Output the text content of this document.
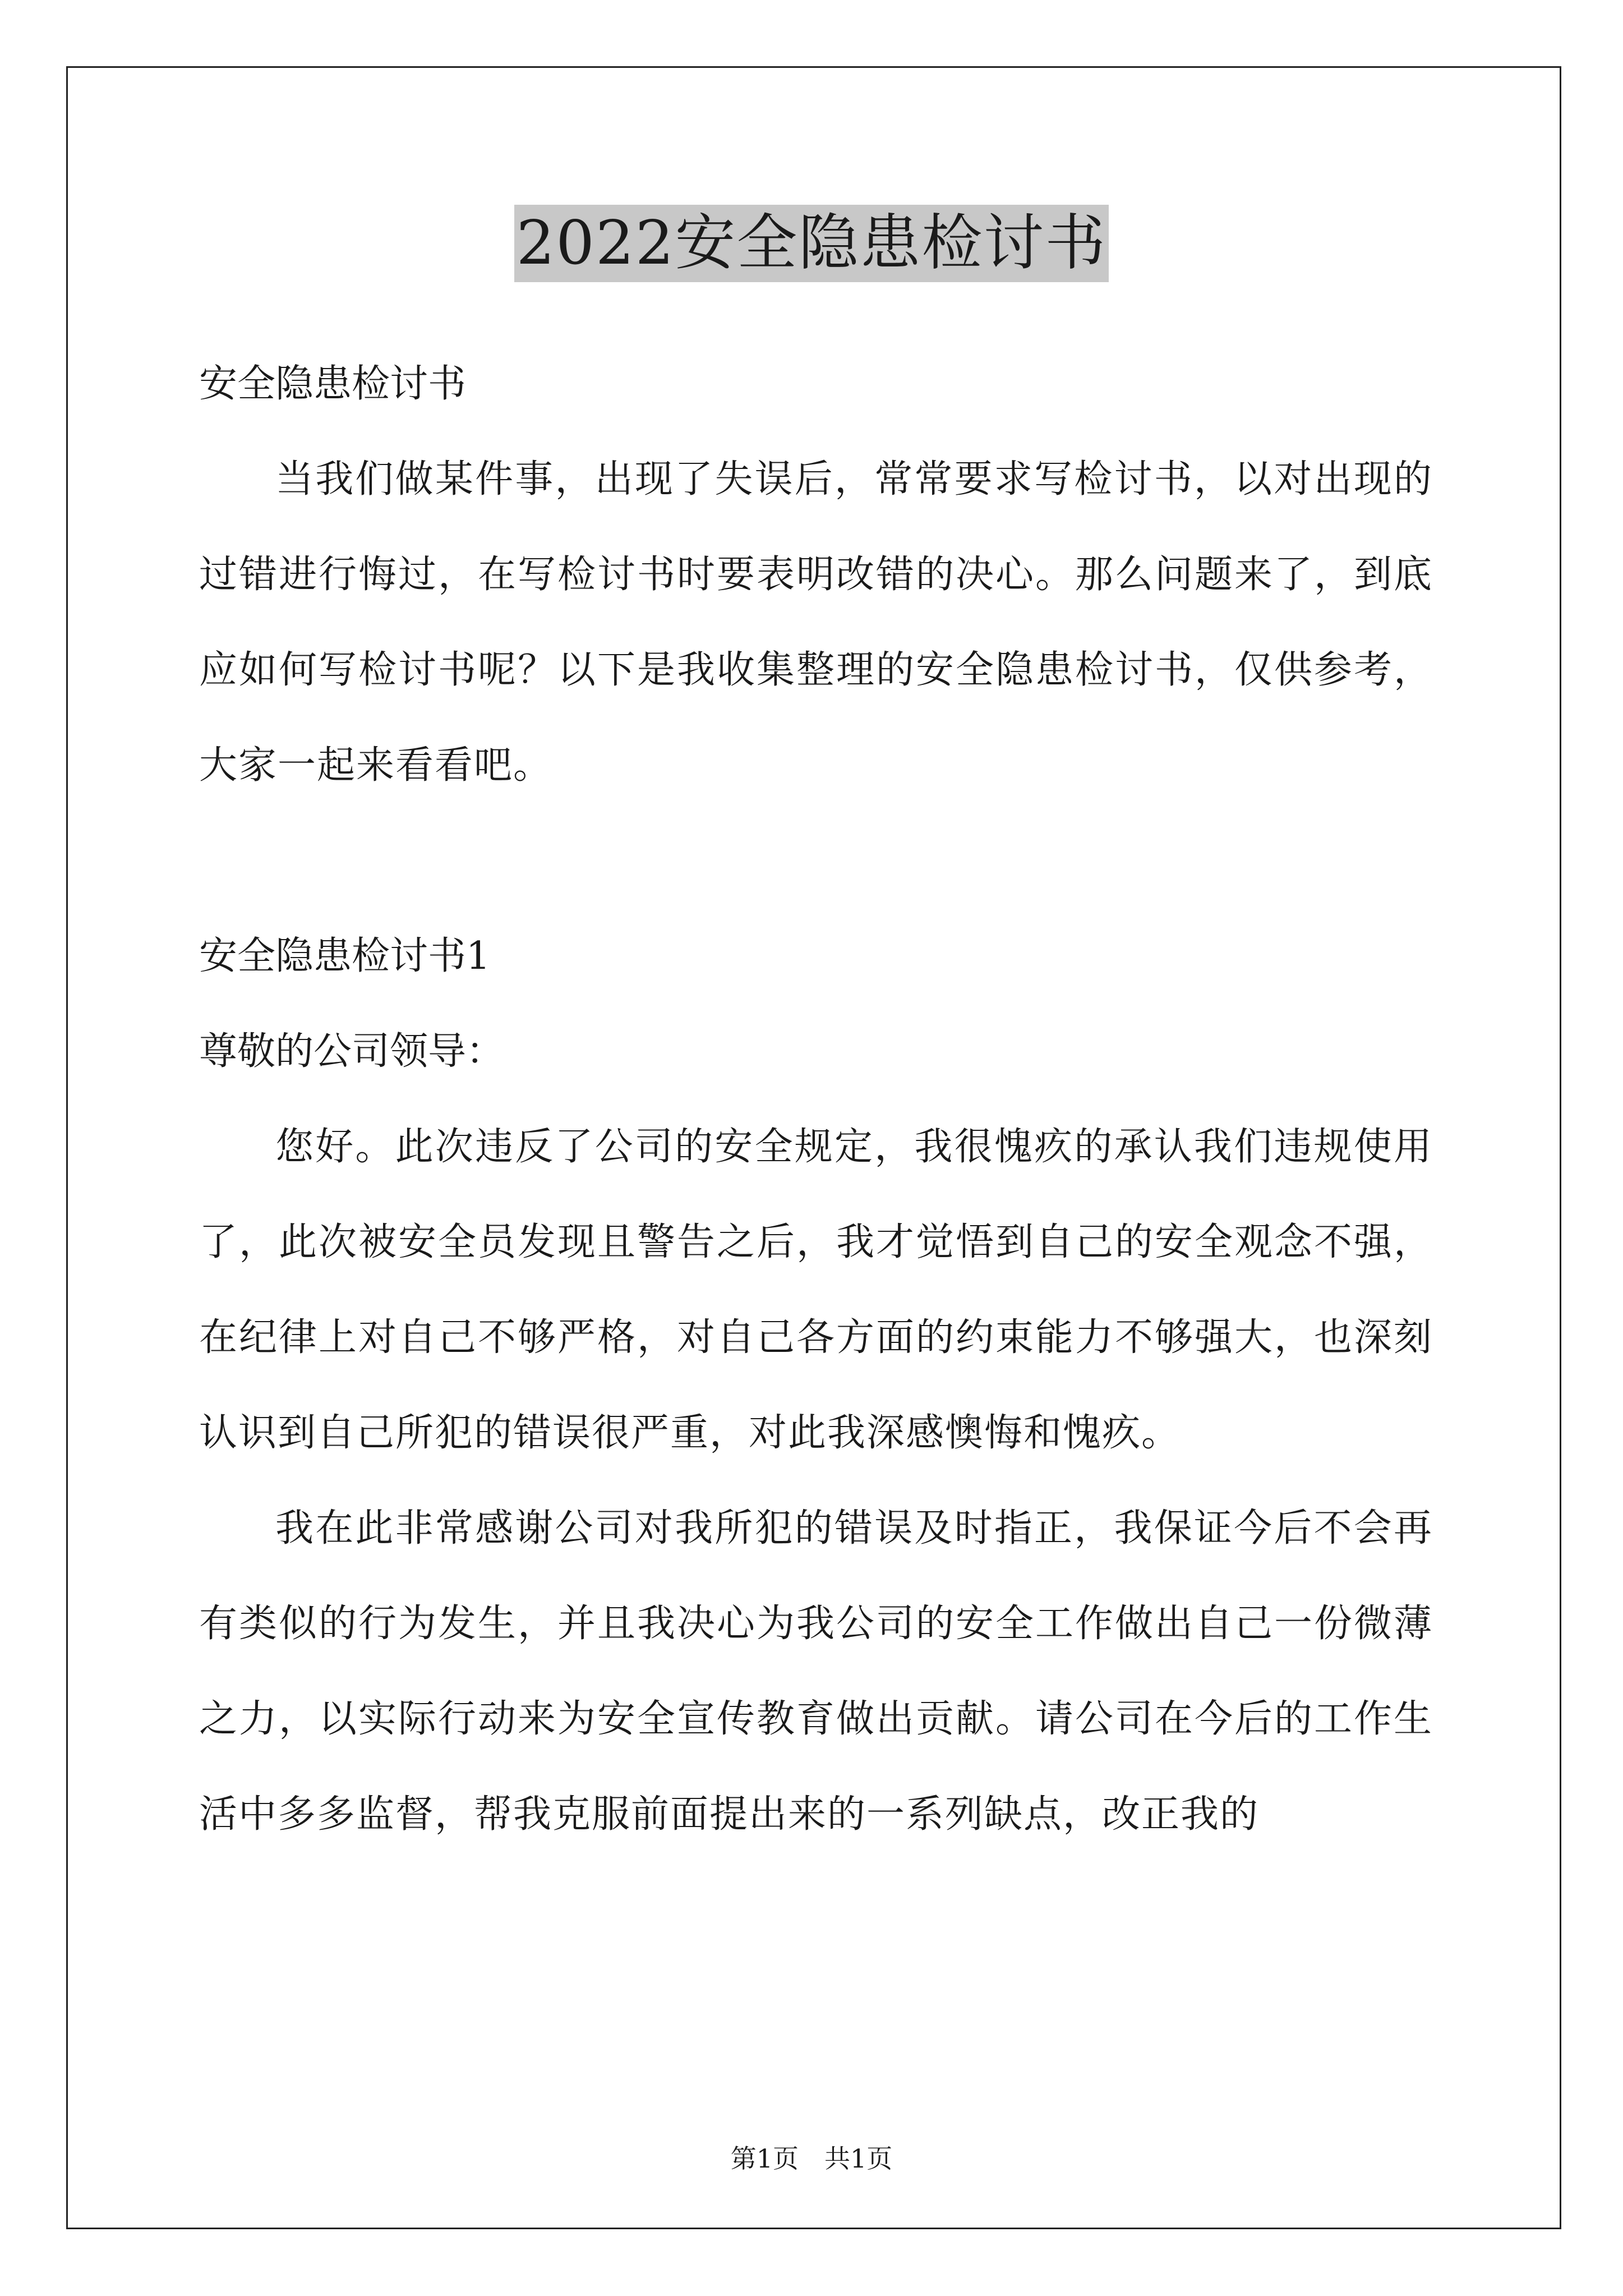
2022安全隐患检讨书

安全隐患检讨书

当我们做某件事，出现了失误后，常常要求写检讨书，以对出现的过错进行悔过，在写检讨书时要表明改错的决心。那么问题来了，到底应如何写检讨书呢？以下是我收集整理的安全隐患检讨书，仅供参考，大家一起来看看吧。

安全隐患检讨书1

尊敬的公司领导：

您好。此次违反了公司的安全规定，我很愧疚的承认我们违规使用了，此次被安全员发现且警告之后，我才觉悟到自己的安全观念不强，在纪律上对自己不够严格，对自己各方面的约束能力不够强大，也深刻认识到自己所犯的错误很严重，对此我深感懊悔和愧疚。

我在此非常感谢公司对我所犯的错误及时指正，我保证今后不会再有类似的行为发生，并且我决心为我公司的安全工作做出自己一份微薄之力，以实际行动来为安全宣传教育做出贡献。请公司在今后的工作生活中多多监督，帮我克服前面提出来的一系列缺点，改正我的

第1页　共1页
